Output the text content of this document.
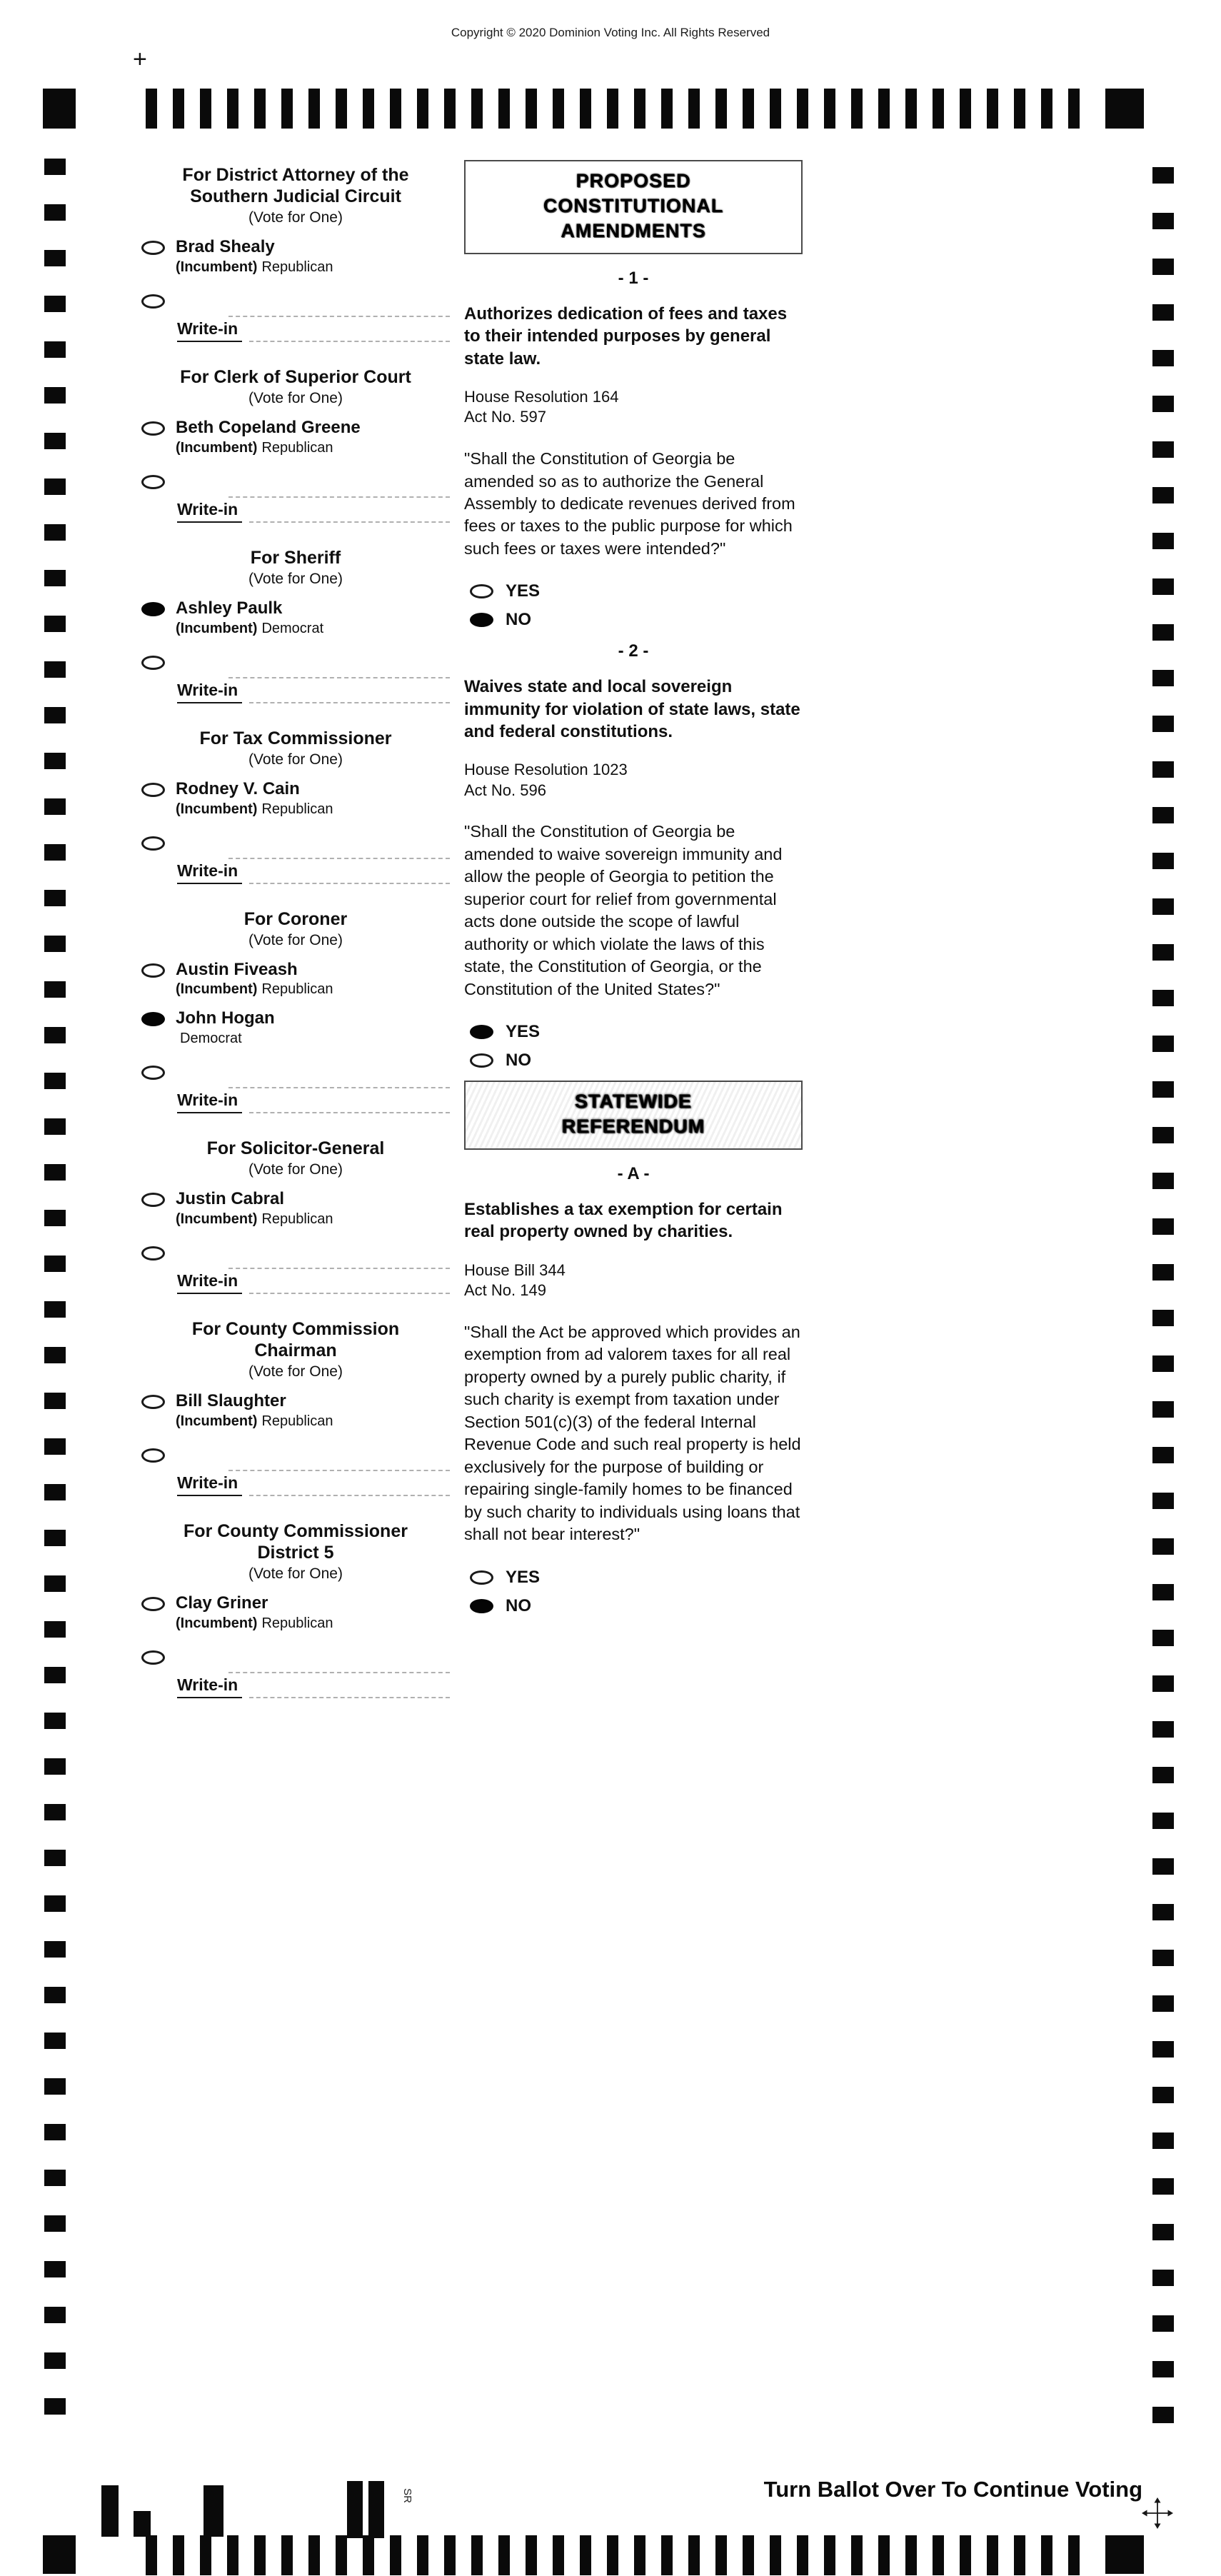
Copyright © 2020 Dominion Voting Inc. All Rights Reserved
+
For District Attorney of the Southern Judicial Circuit
(Vote for One)
Brad Shealy
(Incumbent) Republican
Write-in
For Clerk of Superior Court
(Vote for One)
Beth Copeland Greene
(Incumbent) Republican
Write-in
For Sheriff
(Vote for One)
Ashley Paulk
(Incumbent) Democrat
Write-in
For Tax Commissioner
(Vote for One)
Rodney V. Cain
(Incumbent) Republican
Write-in
For Coroner
(Vote for One)
Austin Fiveash
(Incumbent) Republican
John Hogan
Democrat
Write-in
For Solicitor-General
(Vote for One)
Justin Cabral
(Incumbent) Republican
Write-in
For County Commission Chairman
(Vote for One)
Bill Slaughter
(Incumbent) Republican
Write-in
For County Commissioner District 5
(Vote for One)
Clay Griner
(Incumbent) Republican
Write-in
PROPOSED
CONSTITUTIONAL
AMENDMENTS
- 1 -
Authorizes dedication of fees and taxes to their intended purposes by general state law.
House Resolution 164
Act No. 597
"Shall the Constitution of Georgia be amended so as to authorize the General Assembly to dedicate revenues derived from fees or taxes to the public purpose for which such fees or taxes were intended?"
YES
NO
- 2 -
Waives state and local sovereign immunity for violation of state laws, state and federal constitutions.
House Resolution 1023
Act No. 596
"Shall the Constitution of Georgia be amended to waive sovereign immunity and allow the people of Georgia to petition the superior court for relief from governmental acts done outside the scope of lawful authority or which violate the laws of this state, the Constitution of Georgia, or the Constitution of the United States?"
YES
NO
STATEWIDE
REFERENDUM
- A -
Establishes a tax exemption for certain real property owned by charities.
House Bill 344
Act No. 149
"Shall the Act be approved which provides an exemption from ad valorem taxes for all real property owned by a purely public charity, if such charity is exempt from taxation under Section 501(c)(3) of the federal Internal Revenue Code and such real property is held exclusively for the purpose of building or repairing single-family homes to be financed by such charity to individuals using loans that shall not bear interest?"
YES
NO
Turn Ballot Over To Continue Voting
SR
